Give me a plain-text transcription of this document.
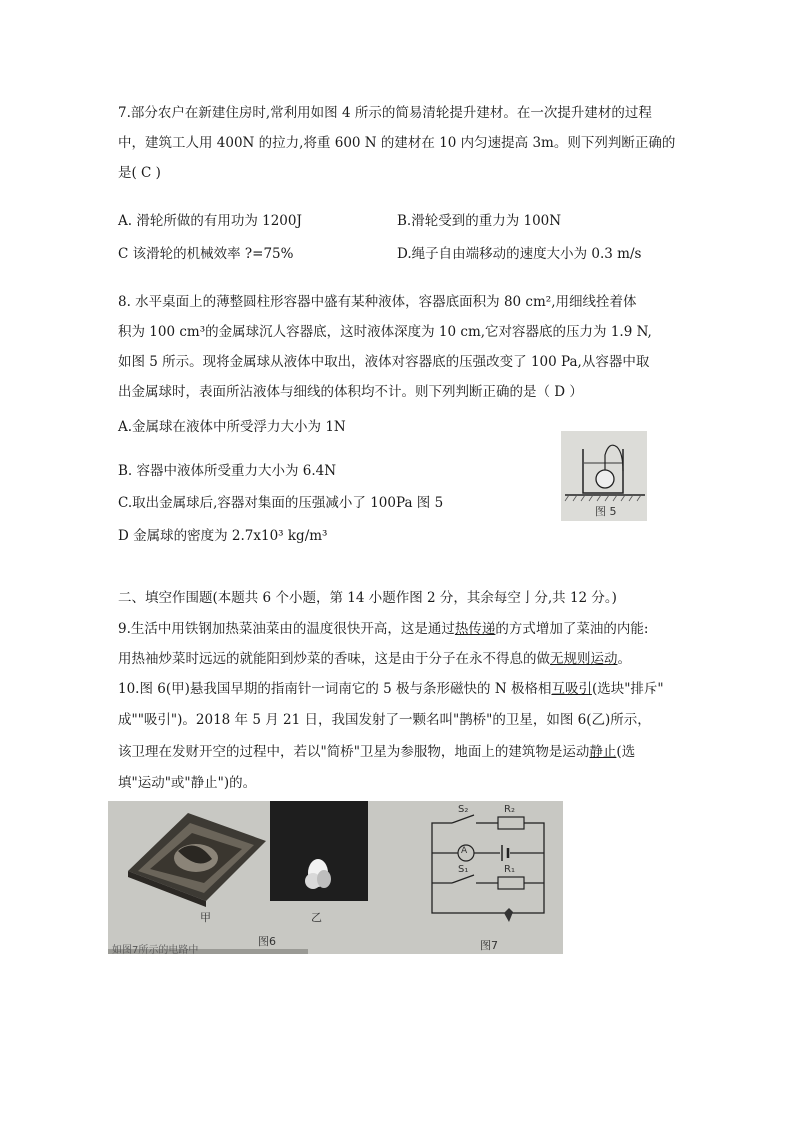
7.部分农户在新建住房时,常利用如图 4 所示的简易清轮提升建材。在一次提升建材的过程
中，建筑工人用 400N 的拉力,将重 600 N 的建材在 10 内匀速提高 3m。则下列判断正确的
是( C )
A. 滑轮所做的有用功为 1200J	B.滑轮受到的重力为 100N
C 该滑轮的机械效率 ?=75%	D.绳子自由端移动的速度大小为 0.3 m/s
8. 水平桌面上的薄整圆柱形容器中盛有某种液体，容器底面积为 80 cm²,用细线拴着体
积为 100 cm³的金属球沉人容器底，这时液体深度为 10 cm,它对容器底的压力为 1.9 N,
如图 5 所示。现将金属球从液体中取出，液体对容器底的压强改变了 100 Pa,从容器中取
出金属球时，表面所沾液体与细线的体积均不计。则下列判断正确的是（ D ）
A.金属球在液体中所受浮力大小为 1N
B. 容器中液体所受重力大小为 6.4N
C.取出金属球后,容器对集面的压强减小了 100Pa 图 5
D 金属球的密度为 2.7x10³ kg/m³
图 5
二、填空作围题(本题共 6 个小题，第 14 小题作图 2 分，其余每空亅分,共 12 分。)
9.生活中用铁钢加热菜油菜由的温度很快开高，这是通过热传递的方式增加了菜油的内能:
用热袖炒菜时远远的就能阳到炒菜的香味，这是由于分子在永不得息的做无规则运动。
10.图 6(甲)悬我国早期的指南针一词南它的 5 极与条形磁快的 N 极格相互吸引(选块"排斥"
成""吸引")。2018 年 5 月 21 日，我国发射了一颗名叫"鹊桥"的卫星，如图 6(乙)所示，
该卫理在发财开空的过程中，若以"简桥"卫星为参服物，地面上的建筑物是运动静止(选
填"运动"或"静止")的。
甲	乙
图6
S₂	R₂
A
S₁	R₁
图7
如图7所示的电路中
